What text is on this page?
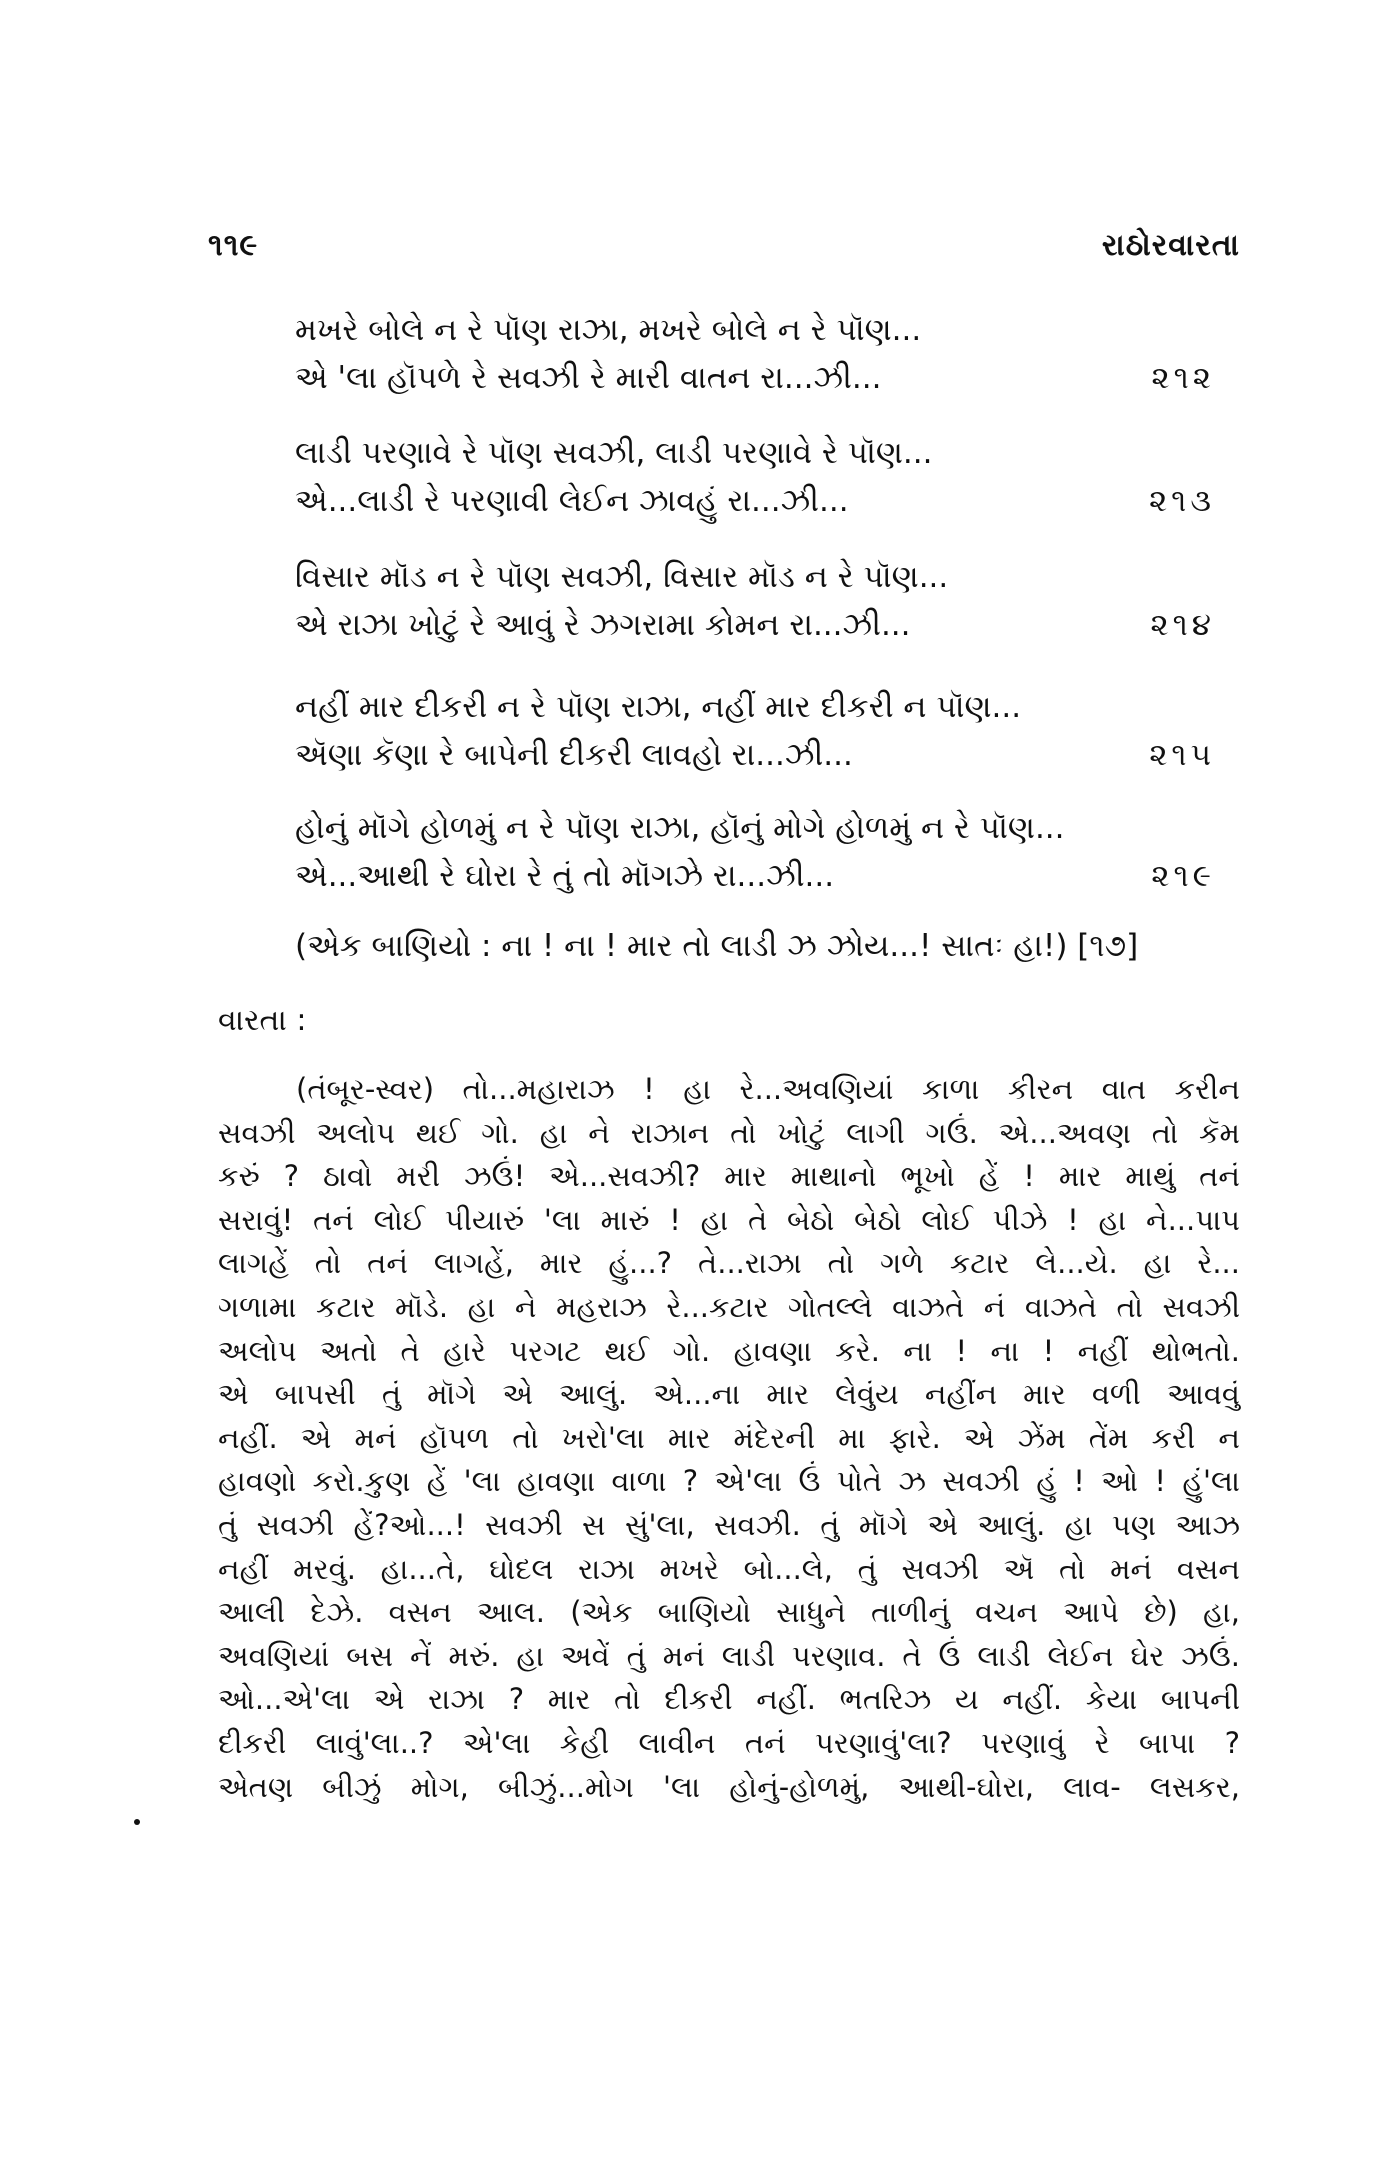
૧૧૯	રાઠોરવારતા
મખરે બોલે ન રે પૉણ રાઝા, મખરે બોલે ન રે પૉણ...
એ 'લા હૉપળે રે સવઝી રે મારી વાતન રા...ઝી...	૨૧૨
લાડી પરણાવે રે પૉણ સવઝી, લાડી પરણાવે રે પૉણ...
એ...લાડી રે પરણાવી લેઈન ઝાવહું રા...ઝી...	૨૧૩
વિસાર મૉડ ન રે પૉણ સવઝી, વિસાર મૉડ ન રે પૉણ...
એ રાઝા ખોટું રે આવું રે ઝગરામા કોમન રા...ઝી...	૨૧૪
નહીં માર દીકરી ન રે પૉણ રાઝા, નહીં માર દીકરી ન પૉણ...
ઍણા કૅણા રે બાપેની દીકરી લાવહો રા...ઝી...	૨૧૫
હોનું મૉગે હોળમું ન રે પૉણ રાઝા, હૉનું મોગે હોળમું ન રે પૉણ...
એ...આથી રે ઘોરા રે તું તો મૉગઝે રા...ઝી...	૨૧૯
(એક બાણિયો : ના ! ના ! માર તો લાડી ઝ ઝોય...! સાતઃ હા!) [૧૭]
વારતા :
(તંબૂર-સ્વર) તો...મહારાઝ ! હા રે...અવણિયાં કાળા કીરન વાત કરીન
સવઝી અલોપ થઈ ગો. હા ને રાઝાન તો ખોટું લાગી ગઉં. એ...અવણ તો કૅમ
કરું ? ઠાવો મરી ઝઉં! એ...સવઝી? માર માથાનો ભૂખો હેં ! માર માથું તનં
સરાવું! તનં લોઈ પીયારું 'લા મારું ! હા તે બેઠો બેઠો લોઈ પીઝે ! હા ને...પાપ
લાગહેં તો તનં લાગહેં, માર હું...? તે...રાઝા તો ગળે કટાર લે...યે. હા રે...
ગળામા કટાર મૉડે. હા ને મહરાઝ રે...કટાર ગોતલ્લે વાઝતે નં વાઝતે તો સવઝી
અલોપ અતો તે હારે પરગટ થઈ ગો. હાવણા કરે. ના ! ના ! નહીં થોભતો.
એ બાપસી તું મૉગે એ આલું. એ...ના માર લેવુંય નહીંન માર વળી આવવું
નહીં. એ મનં હૉપળ તો ખરો'લા માર મંદેરની મા ફારે. એ ઝેંમ તેંમ કરી ન
હાવણો કરો.કુણ હેં 'લા હાવણા વાળા ? એ'લા ઉં પોતે ઝ સવઝી હું ! ઓ ! હું'લા
તું સવઝી હેં?ઓ...! સવઝી સ સું'લા, સવઝી. તું મૉગે એ આલું. હા પણ આઝ
નહીં મરવું. હા...તે, ઘોદલ રાઝા મખરે બો...લે, તું સવઝી ઍ તો મનં વસન
આલી દેઝે. વસન આલ. (એક બાણિયો સાધુને તાળીનું વચન આપે છે) હા,
અવણિયાં બસ નેં મરું. હા અવેં તું મનં લાડી પરણાવ. તે ઉં લાડી લેઈન ઘેર ઝઉં.
ઓ...એ'લા એ રાઝા ? માર તો દીકરી નહીં. ભતરિઝ ય નહીં. કેયા બાપની
દીકરી લાવું'લા..? એ'લા કેહી લાવીન તનં પરણાવું'લા? પરણાવું રે બાપા ?
એતણ બીઝું મોગ, બીઝું...મોગ 'લા હોનું-હોળમું, આથી-ઘોરા, લાવ- લસકર,
